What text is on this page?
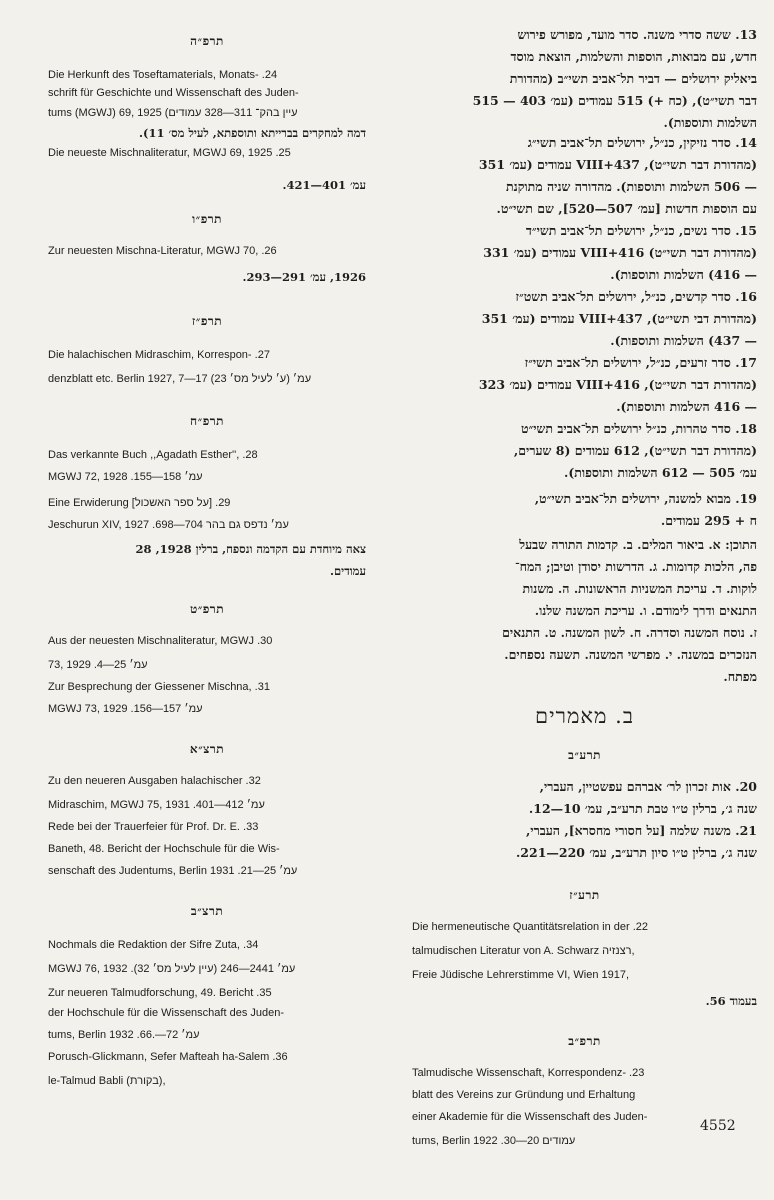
תרפ״ה
Die Herkunft des Toseftamaterials, Monats- .24
schrift für Geschichte und Wissenschaft des Juden-
tums (MGWJ) 69, 1925 (עיין בהק־ 311—328 עמודים
דמה למחקרים בברייתא ותוספתא, לעיל מס׳ 11).
Die neueste Mischnaliteratur, MGWJ 69, 1925 .25
עמ׳ 401—421.
תרפ״ו
Zur neuesten Mischna-Literatur, MGWJ 70, .26
1926, עמ׳ 291—293.
תרפ״ז
Die halachischen Midraschim, Korrespon- .27
denzblatt etc. Berlin 1927, 7—17 עמ׳ (ע׳ לעיל מס׳ 23)
תרפ״ח
Das verkannte Buch ,,Agadath Esther'', .28
MGWJ 72, 1928 .155—158 עמ׳
Eine Erwiderung [על ספר האשכול] .29
Jeschurun XIV, 1927 .698—704 עמ׳ נדפס גם בהר
צאה מיוחדת עם הקדמה ונספח, ברלין 1928, 28
עמודים.
תרפ״ט
Aus der neuesten Mischnaliteratur, MGWJ .30
73, 1929 .4—25 עמ׳
Zur Besprechung der Giessener Mischna, .31
MGWJ 73, 1929 .156—157 עמ׳
תרצ״א
Zu den neueren Ausgaben halachischer .32
Midraschim, MGWJ 75, 1931 .401—412 עמ׳
Rede bei der Trauerfeier für Prof. Dr. E. .33
Baneth, 48. Bericht der Hochschule für die Wis-
senschaft des Judentums, Berlin 1931 .21—25 עמ׳
תרצ״ב
Nochmals die Redaktion der Sifre Zuta, .34
MGWJ 76, 1932 .עמ׳ 2441—246 (עיין לעיל מס׳ 32)
Zur neueren Talmudforschung, 49. Bericht .35
der Hochschule für die Wissenschaft des Juden-
tums, Berlin 1932 .66.—72 עמ׳
Porusch-Glickmann, Sefer Mafteah ha-Salem .36
le-Talmud Babli (בקורת),
13. ששה סדרי משנה. סדר מועד, מפורש פירוש
חדש, עם מבואות, הוספות והשלמות, הוצאת מוסד
ביאליק ירושלים — דביר תל־אביב תשי״ב (מהדורת
דבר תשי״ט), (כח +) 515 עמודים (עמ׳ 403 — 515
השלמות ותוספות).
14. סדר נזיקין, כנ״ל, ירושלים תל־אביב תשי״ג
(מהדורת דבר תשי״ט), VIII+437 עמודים (עמ׳ 351
— 506 השלמות ותוספות). מהדורה שניה מתוקנת
עם הוספות חדשות [עמ׳ 507—520], שם תשי״ט.
15. סדר נשים, כנ״ל, ירושלים תל־אביב תשי״ד
(מהדורת דבר תשי״ט) VIII+416 עמודים (עמ׳ 331
— 416) השלמות ותוספות).
16. סדר קדשים, כנ״ל, ירושלים תל־אביב תשט״ז
(מהדורת דבי תשי״ט), VIII+437 עמודים (עמ׳ 351
— 437) השלמות ותוספות).
17. סדר זרעים, כנ״ל, ירושלים תל־אביב תשי״ז
(מהדורת דבר תשי״ט), VIII+416 עמודים (עמ׳ 323
— 416 השלמות ותוספות).
18. סדר טהרות, כנ״ל ירושלים תל־אביב תשי״ט
(מהדורת דבר תשי״ט), 612 עמודים (8 שערים,
עמ׳ 505 — 612 השלמות ותוספות).
19. מבוא למשנה, ירושלים תל־אביב תשי״ט,
ח + 295 עמודים.
התוכן: א. ביאור המלים. ב. קדמות התורה שבעל
פה, הלכות קדומות. ג. הדרשות יסודן וטיבן; המח־
לוקות. ד. עריכת המשניות הראשונות. ה. משנות
התנאים ודרך לימודם. ו. עריכת המשנה שלנו.
ז. נוסח המשנה וסדרה. ח. לשון המשנה. ט. התנאים
הנזכרים במשנה. י. מפרשי המשנה. תשעה נספחים.
מפתח.
ב. מאמרים
תרע״ב
20. אות זכרון לר׳ אברהם עפשטיין, העברי,
שנה ג׳, ברלין ט״ו טבת תרע״ב, עמ׳ 10—12.
21. משנה שלמה [על חסורי מחסרא], העברי,
שנה ג׳, ברלין ט״ו סיון תרע״ב, עמ׳ 220—221.
תרע״ז
Die hermeneutische Quantitätsrelation in der .22
talmudischen Literatur von A. Schwarz רצנזיה,
Freie Jüdische Lehrerstimme VI, Wien 1917,
בעמוד 56.
תרפ״ב
Talmudische Wissenschaft, Korrespondenz- .23
blatt des Vereins zur Gründung und Erhaltung
einer Akademie für die Wissenschaft des Juden-
tums, Berlin 1922 .עמודים 20—30
4552
